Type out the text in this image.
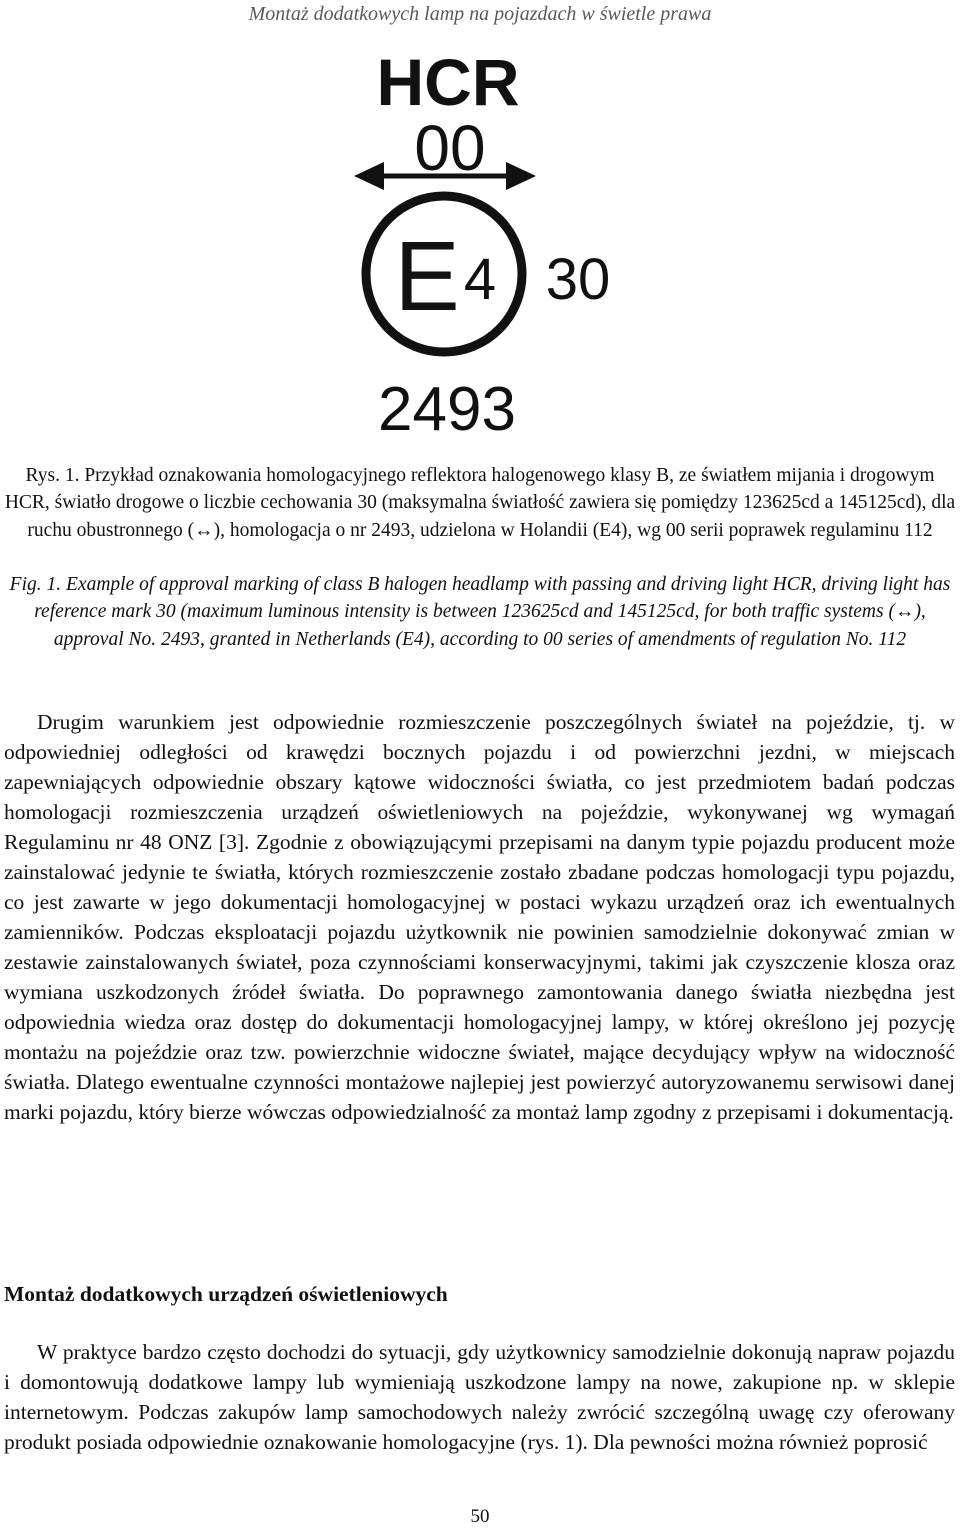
Montaż dodatkowych lamp na pojazdach w świetle prawa
HCR
00
E 4 30
2493
Rys. 1. Przykład oznakowania homologacyjnego reflektora halogenowego klasy B, ze światłem mijania i drogowym HCR, światło drogowe o liczbie cechowania 30 (maksymalna światłość zawiera się pomiędzy 123625cd a 145125cd), dla ruchu obustronnego (↔), homologacja o nr 2493, udzielona w Holandii (E4), wg 00 serii poprawek regulaminu 112
Fig. 1. Example of approval marking of class B halogen headlamp with passing and driving light HCR, driving light has reference mark 30 (maximum luminous intensity is between 123625cd and 145125cd, for both traffic systems (↔), approval No. 2493, granted in Netherlands (E4), according to 00 series of amendments of regulation No. 112

Drugim warunkiem jest odpowiednie rozmieszczenie poszczególnych świateł na pojeździe, tj. w odpowiedniej odległości od krawędzi bocznych pojazdu i od powierzchni jezdni, w miejscach zapewniających odpowiednie obszary kątowe widoczności światła, co jest przedmiotem badań podczas homologacji rozmieszczenia urządzeń oświetleniowych na pojeździe, wykonywanej wg wymagań Regulaminu nr 48 ONZ [3]. Zgodnie z obowiązującymi przepisami na danym typie pojazdu producent może zainstalować jedynie te światła, których rozmieszczenie zostało zbadane podczas homologacji typu pojazdu, co jest zawarte w jego dokumentacji homologacyjnej w postaci wykazu urządzeń oraz ich ewentualnych zamienników. Podczas eksploatacji pojazdu użytkownik nie powinien samodzielnie dokonywać zmian w zestawie zainstalowanych świateł, poza czynnościami konserwacyjnymi, takimi jak czyszczenie klosza oraz wymiana uszkodzonych źródeł światła. Do poprawnego zamontowania danego światła niezbędna jest odpowiednia wiedza oraz dostęp do dokumentacji homologacyjnej lampy, w której określono jej pozycję montażu na pojeździe oraz tzw. powierzchnie widoczne świateł, mające decydujący wpływ na widoczność światła. Dlatego ewentualne czynności montażowe najlepiej jest powierzyć autoryzowanemu serwisowi danej marki pojazdu, który bierze wówczas odpowiedzialność za montaż lamp zgodny z przepisami i dokumentacją.

Montaż dodatkowych urządzeń oświetleniowych

W praktyce bardzo często dochodzi do sytuacji, gdy użytkownicy samodzielnie dokonują napraw pojazdu i domontowują dodatkowe lampy lub wymieniają uszkodzone lampy na nowe, zakupione np. w sklepie internetowym. Podczas zakupów lamp samochodowych należy zwrócić szczególną uwagę czy oferowany produkt posiada odpowiednie oznakowanie homologacyjne (rys. 1). Dla pewności można również poprosić

50
